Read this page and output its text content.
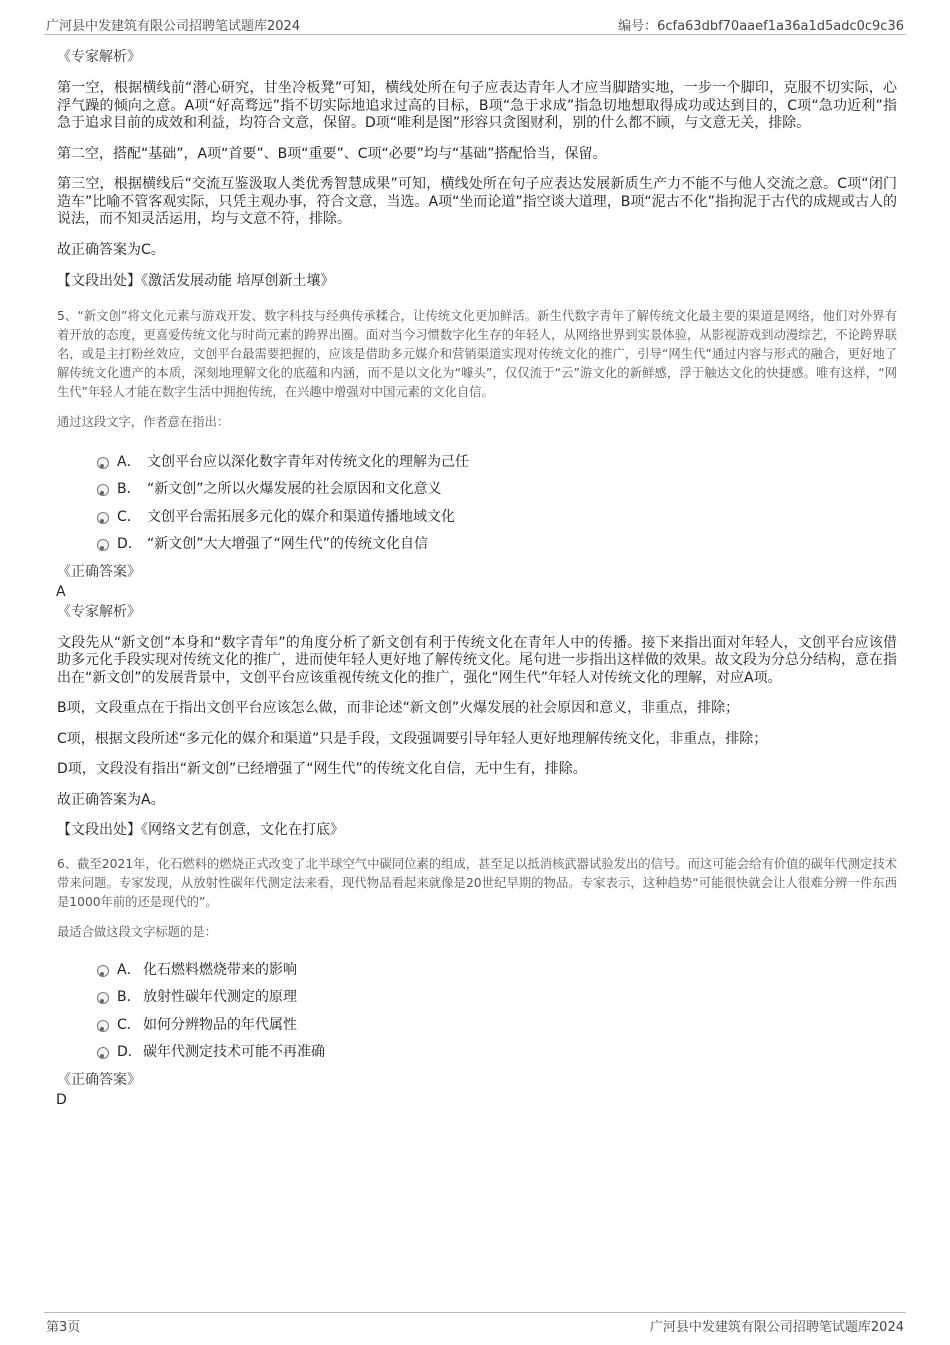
广河县中发建筑有限公司招聘笔试题库2024	编号：6cfa63dbf70aaef1a36a1d5adc0c9c36
《专家解析》

第一空，根据横线前“潜心研究，甘坐冷板凳”可知，横线处所在句子应表达青年人才应当脚踏实地，一步一个脚印，克服不切实际，心浮气躁的倾向之意。A项“好高骛远”指不切实际地追求过高的目标，B项“急于求成”指急切地想取得成功或达到目的，C项“急功近利”指急于追求目前的成效和利益，均符合文意，保留。D项“唯利是图”形容只贪图财利，别的什么都不顾，与文意无关，排除。

第二空，搭配“基础”，A项“首要”、B项“重要”、C项“必要”均与“基础”搭配恰当，保留。

第三空，根据横线后“交流互鉴汲取人类优秀智慧成果”可知，横线处所在句子应表达发展新质生产力不能不与他人交流之意。C项“闭门造车”比喻不管客观实际，只凭主观办事，符合文意，当选。A项“坐而论道”指空谈大道理，B项“泥古不化”指拘泥于古代的成规或古人的说法，而不知灵活运用，均与文意不符，排除。

故正确答案为C。

【文段出处】《激活发展动能 培厚创新土壤》

5、“新文创”将文化元素与游戏开发、数字科技与经典传承糅合，让传统文化更加鲜活。新生代数字青年了解传统文化最主要的渠道是网络，他们对外界有着开放的态度，更喜爱传统文化与时尚元素的跨界出圈。面对当今习惯数字化生存的年轻人，从网络世界到实景体验，从影视游戏到动漫综艺，不论跨界联名，或是主打粉丝效应，文创平台最需要把握的，应该是借助多元媒介和营销渠道实现对传统文化的推广，引导“网生代”通过内容与形式的融合，更好地了解传统文化遗产的本质，深刻地理解文化的底蕴和内涵，而不是以文化为“噱头”，仅仅流于“云”游文化的新鲜感，浮于触达文化的快捷感。唯有这样，“网生代”年轻人才能在数字生活中拥抱传统，在兴趣中增强对中国元素的文化自信。

通过这段文字，作者意在指出：
A． 文创平台应以深化数字青年对传统文化的理解为己任
B． “新文创”之所以火爆发展的社会原因和文化意义
C． 文创平台需拓展多元化的媒介和渠道传播地域文化
D． “新文创”大大增强了“网生代”的传统文化自信
《正确答案》
A
《专家解析》

文段先从“新文创”本身和“数字青年”的角度分析了新文创有利于传统文化在青年人中的传播。接下来指出面对年轻人，文创平台应该借助多元化手段实现对传统文化的推广，进而使年轻人更好地了解传统文化。尾句进一步指出这样做的效果。故文段为分总分结构，意在指出在“新文创”的发展背景中，文创平台应该重视传统文化的推广，强化“网生代”年轻人对传统文化的理解，对应A项。

B项，文段重点在于指出文创平台应该怎么做，而非论述“新文创”火爆发展的社会原因和意义，非重点，排除；

C项，根据文段所述“多元化的媒介和渠道”只是手段，文段强调要引导年轻人更好地理解传统文化，非重点，排除；

D项，文段没有指出“新文创”已经增强了“网生代”的传统文化自信，无中生有，排除。

故正确答案为A。

【文段出处】《网络文艺有创意，文化在打底》

6、截至2021年，化石燃料的燃烧正式改变了北半球空气中碳同位素的组成，甚至足以抵消核武器试验发出的信号。而这可能会给有价值的碳年代测定技术带来问题。专家发现，从放射性碳年代测定法来看，现代物品看起来就像是20世纪早期的物品。专家表示，这种趋势“可能很快就会让人很难分辨一件东西是1000年前的还是现代的”。

最适合做这段文字标题的是：
A． 化石燃料燃烧带来的影响
B． 放射性碳年代测定的原理
C． 如何分辨物品的年代属性
D．碳年代测定技术可能不再准确
《正确答案》
D
第3页	广河县中发建筑有限公司招聘笔试题库2024
